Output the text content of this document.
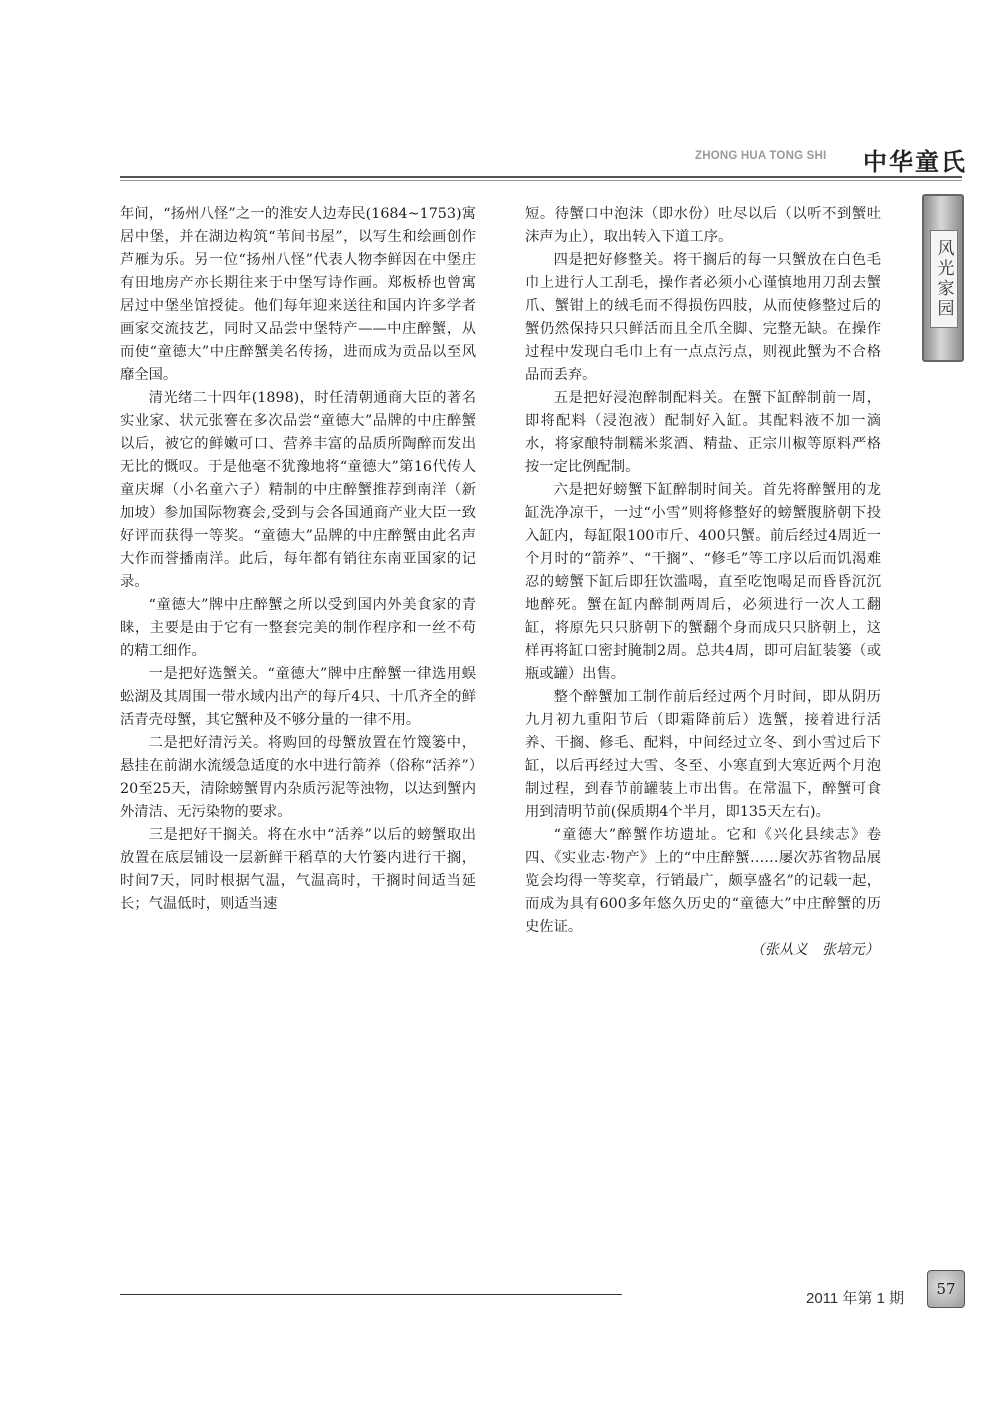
ZHONG HUA TONG SHI 中华童氏
风光家园

年间，“扬州八怪”之一的淮安人边寿民(1684~1753)寓居中堡，并在湖边构筑“苇间书屋”，以写生和绘画创作芦雁为乐。另一位“扬州八怪”代表人物李鲜因在中堡庄有田地房产亦长期往来于中堡写诗作画。郑板桥也曾寓居过中堡坐馆授徒。他们每年迎来送往和国内许多学者画家交流技艺，同时又品尝中堡特产——中庄醉蟹，从而使“童德大”中庄醉蟹美名传扬，进而成为贡品以至风靡全国。

清光绪二十四年(1898)，时任清朝通商大臣的著名实业家、状元张謇在多次品尝“童德大”品牌的中庄醉蟹以后，被它的鲜嫩可口、营养丰富的品质所陶醉而发出无比的慨叹。于是他毫不犹豫地将“童德大”第16代传人童庆墀（小名童六子）精制的中庄醉蟹推荐到南洋（新加坡）参加国际物赛会,受到与会各国通商产业大臣一致好评而获得一等奖。“童德大”品牌的中庄醉蟹由此名声大作而誉播南洋。此后，每年都有销往东南亚国家的记录。

“童德大”牌中庄醉蟹之所以受到国内外美食家的青睐，主要是由于它有一整套完美的制作程序和一丝不苟的精工细作。

一是把好选蟹关。“童德大”牌中庄醉蟹一律选用蜈蚣湖及其周围一带水域内出产的每斤4只、十爪齐全的鲜活青壳母蟹，其它蟹种及不够分量的一律不用。

二是把好清污关。将购回的母蟹放置在竹篾篓中，悬挂在前湖水流缓急适度的水中进行箭养（俗称“活养”）20至25天，清除螃蟹胃内杂质污泥等浊物，以达到蟹内外清洁、无污染物的要求。

三是把好干搁关。将在水中“活养”以后的螃蟹取出放置在底层铺设一层新鲜干稻草的大竹篓内进行干搁，时间7天，同时根据气温，气温高时，干搁时间适当延长；气温低时，则适当速

短。待蟹口中泡沫（即水份）吐尽以后（以听不到蟹吐沫声为止），取出转入下道工序。

四是把好修整关。将干搁后的每一只蟹放在白色毛巾上进行人工刮毛，操作者必须小心谨慎地用刀刮去蟹爪、蟹钳上的绒毛而不得损伤四肢，从而使修整过后的蟹仍然保持只只鲜活而且全爪全脚、完整无缺。在操作过程中发现白毛巾上有一点点污点，则视此蟹为不合格品而丢弃。

五是把好浸泡醉制配料关。在蟹下缸醉制前一周，即将配料（浸泡液）配制好入缸。其配料液不加一滴水，将家酿特制糯米浆酒、精盐、正宗川椒等原料严格按一定比例配制。

六是把好螃蟹下缸醉制时间关。首先将醉蟹用的龙缸洗净凉干，一过“小雪”则将修整好的螃蟹腹脐朝下投入缸内，每缸限100市斤、400只蟹。前后经过4周近一个月时的“箭养”、“干搁”、“修毛”等工序以后而饥渴难忍的螃蟹下缸后即狂饮滥喝，直至吃饱喝足而昏昏沉沉地醉死。蟹在缸内醉制两周后，必须进行一次人工翻缸，将原先只只脐朝下的蟹翻个身而成只只脐朝上，这样再将缸口密封腌制2周。总共4周，即可启缸装篓（或瓶或罐）出售。

整个醉蟹加工制作前后经过两个月时间，即从阴历九月初九重阳节后（即霜降前后）选蟹，接着进行活养、干搁、修毛、配料，中间经过立冬、到小雪过后下缸，以后再经过大雪、冬至、小寒直到大寒近两个月泡制过程，到春节前罐装上市出售。在常温下，醉蟹可食用到清明节前(保质期4个半月，即135天左右)。

“童德大”醉蟹作坊遗址。它和《兴化县续志》卷四、《实业志·物产》上的“中庄醉蟹……屡次苏省物品展览会均得一等奖章，行销最广，颇享盛名”的记载一起，而成为具有600多年悠久历史的“童德大”中庄醉蟹的历史佐证。

（张从义　张培元）

2011 年第 1 期
57
